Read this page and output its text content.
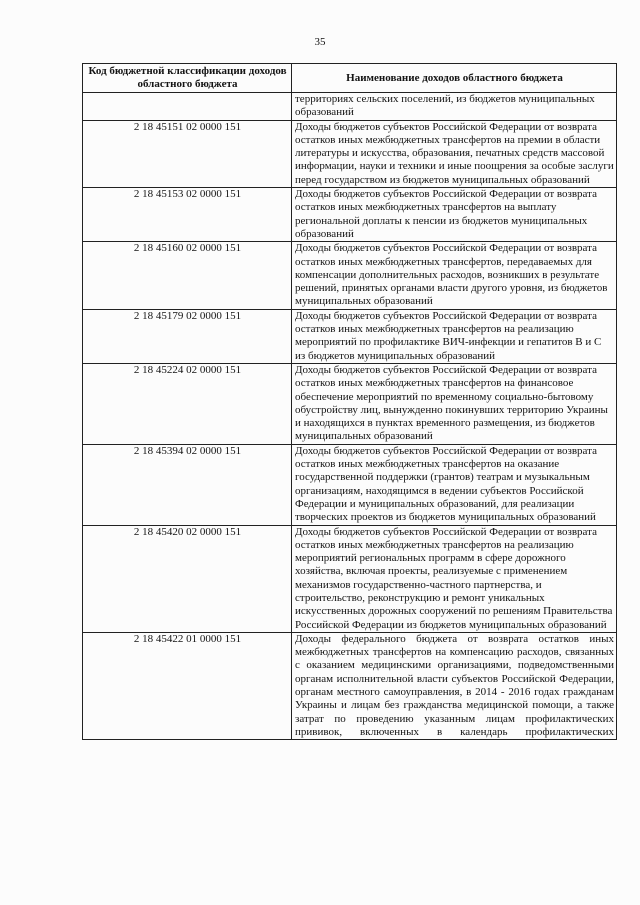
35
Код бюджетной классификации доходов областного бюджета	Наименование доходов областного бюджета
	территориях сельских поселений, из бюджетов муниципальных образований
2 18 45151 02 0000 151	Доходы бюджетов субъектов Российской Федерации от возврата остатков иных межбюджетных трансфертов на премии в области литературы и искусства, образования, печатных средств массовой информации, науки и техники и иные поощрения за особые заслуги перед государством из бюджетов муниципальных образований
2 18 45153 02 0000 151	Доходы бюджетов субъектов Российской Федерации от возврата остатков иных межбюджетных трансфертов на выплату региональной доплаты к пенсии из бюджетов муниципальных образований
2 18 45160 02 0000 151	Доходы бюджетов субъектов Российской Федерации от возврата остатков иных межбюджетных трансфертов, передаваемых для компенсации дополнительных расходов, возникших в результате решений, принятых органами власти другого уровня, из бюджетов муниципальных образований
2 18 45179 02 0000 151	Доходы бюджетов субъектов Российской Федерации от возврата остатков иных межбюджетных трансфертов на реализацию мероприятий по профилактике ВИЧ-инфекции и гепатитов В и С из бюджетов муниципальных образований
2 18 45224 02 0000 151	Доходы бюджетов субъектов Российской Федерации от возврата остатков иных межбюджетных трансфертов на финансовое обеспечение мероприятий по временному социально-бытовому обустройству лиц, вынужденно покинувших территорию Украины и находящихся в пунктах временного размещения, из бюджетов муниципальных образований
2 18 45394 02 0000 151	Доходы бюджетов субъектов Российской Федерации от возврата остатков иных межбюджетных трансфертов на оказание государственной поддержки (грантов) театрам и музыкальным организациям, находящимся в ведении субъектов Российской Федерации и муниципальных образований, для реализации творческих проектов из бюджетов муниципальных образований
2 18 45420 02 0000 151	Доходы бюджетов субъектов Российской Федерации от возврата остатков иных межбюджетных трансфертов на реализацию мероприятий региональных программ в сфере дорожного хозяйства, включая проекты, реализуемые с применением механизмов государственно-частного партнерства, и строительство, реконструкцию и ремонт уникальных искусственных дорожных сооружений по решениям Правительства Российской Федерации из бюджетов муниципальных образований
2 18 45422 01 0000 151	Доходы федерального бюджета от возврата остатков иных межбюджетных трансфертов на компенсацию расходов, связанных с оказанием медицинскими организациями, подведомственными органам исполнительной власти субъектов Российской Федерации, органам местного самоуправления, в 2014 - 2016 годах гражданам Украины и лицам без гражданства медицинской помощи, а также затрат по проведению указанным лицам профилактических прививок, включенных в календарь профилактических
